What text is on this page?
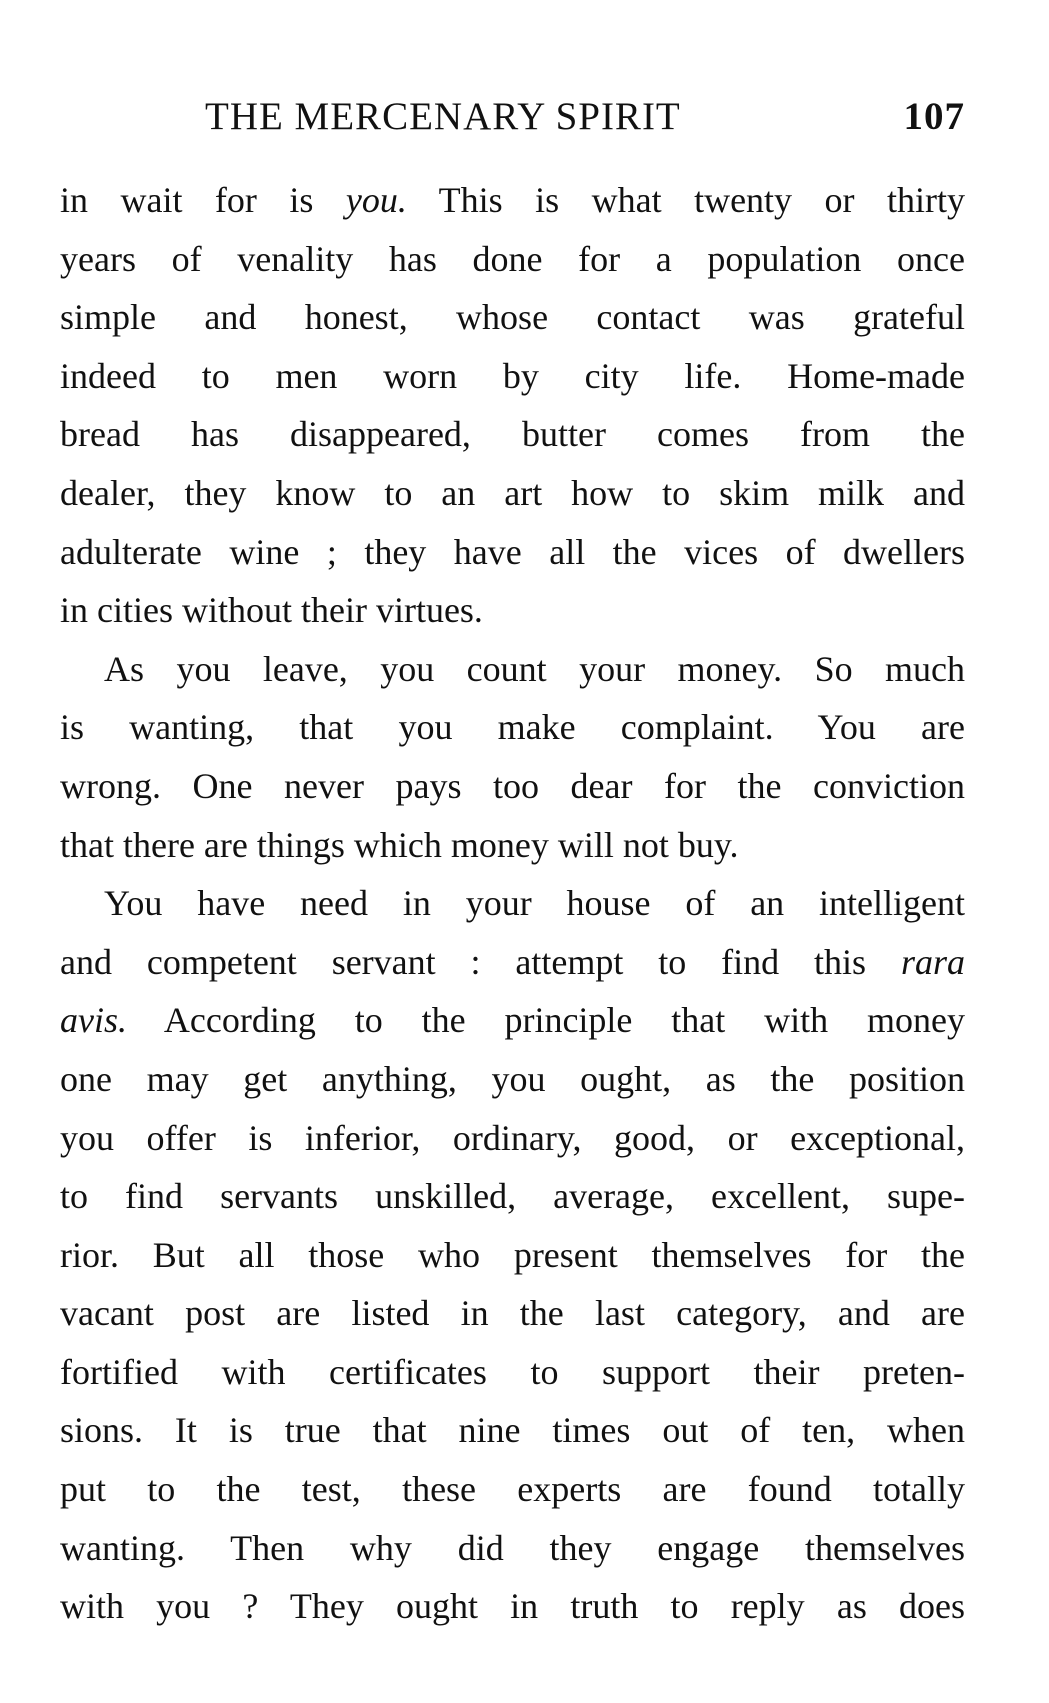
THE MERCENARY SPIRIT	107
in wait for is you. This is what twenty or thirty
years of venality has done for a population once
simple and honest, whose contact was grateful
indeed to men worn by city life. Home-made
bread has disappeared, butter comes from the
dealer, they know to an art how to skim milk and
adulterate wine ; they have all the vices of dwellers
in cities without their virtues.
As you leave, you count your money. So much
is wanting, that you make complaint. You are
wrong. One never pays too dear for the conviction
that there are things which money will not buy.
You have need in your house of an intelligent
and competent servant : attempt to find this rara
avis. According to the principle that with money
one may get anything, you ought, as the position
you offer is inferior, ordinary, good, or exceptional,
to find servants unskilled, average, excellent, supe-
rior. But all those who present themselves for the
vacant post are listed in the last category, and are
fortified with certificates to support their preten-
sions. It is true that nine times out of ten, when
put to the test, these experts are found totally
wanting. Then why did they engage themselves
with you ? They ought in truth to reply as does
